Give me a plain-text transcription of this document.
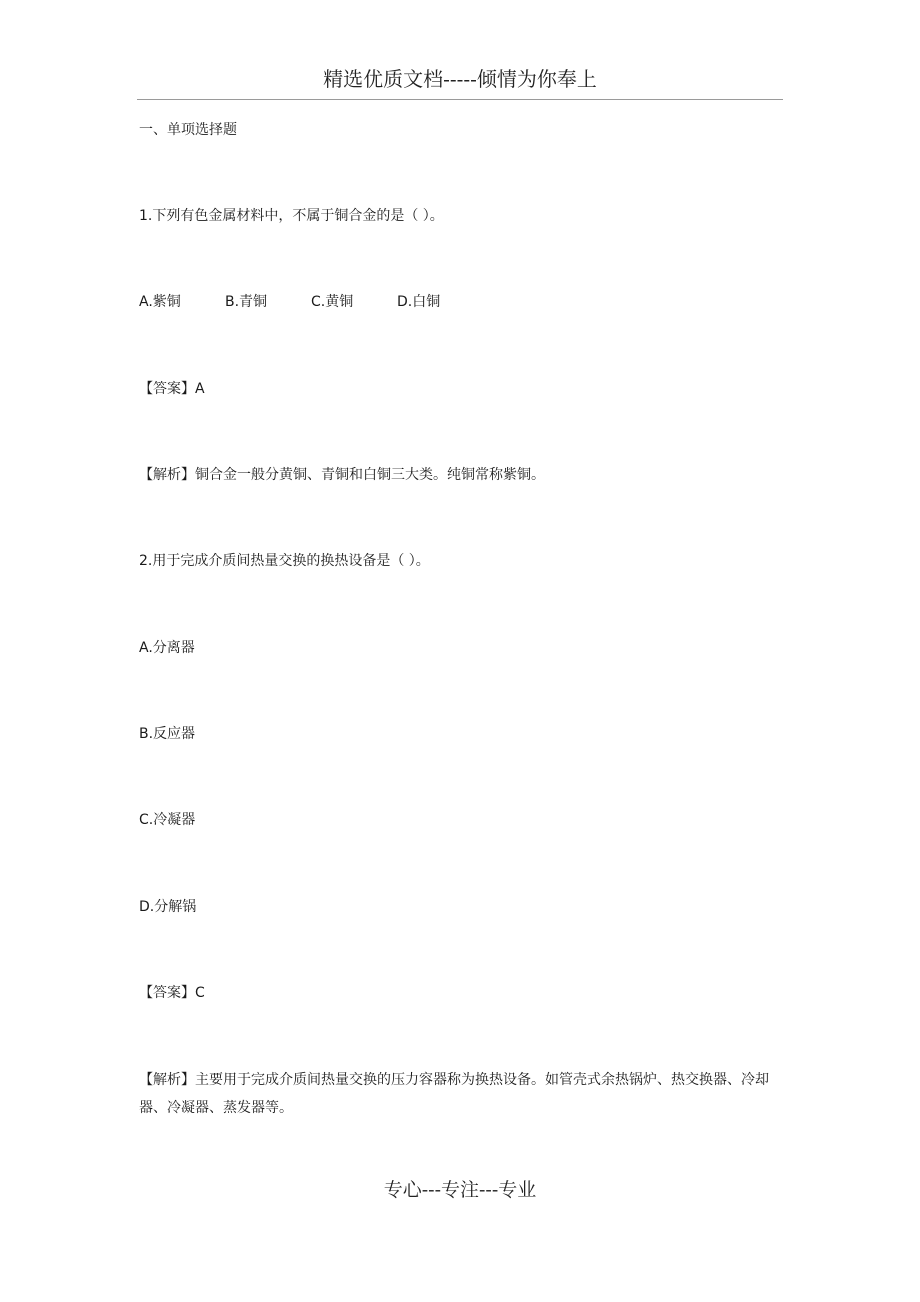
精选优质文档-----倾情为你奉上
一、单项选择题
1.下列有色金属材料中，不属于铜合金的是（ ）。
A.紫铜	B.青铜	C.黄铜	D.白铜
【答案】A
【解析】铜合金一般分黄铜、青铜和白铜三大类。纯铜常称紫铜。
2.用于完成介质间热量交换的换热设备是（ ）。
A.分离器
B.反应器
C.冷凝器
D.分解锅
【答案】C
【解析】主要用于完成介质间热量交换的压力容器称为换热设备。如管壳式余热锅炉、热交换器、冷却器、冷凝器、蒸发器等。
专心---专注---专业
